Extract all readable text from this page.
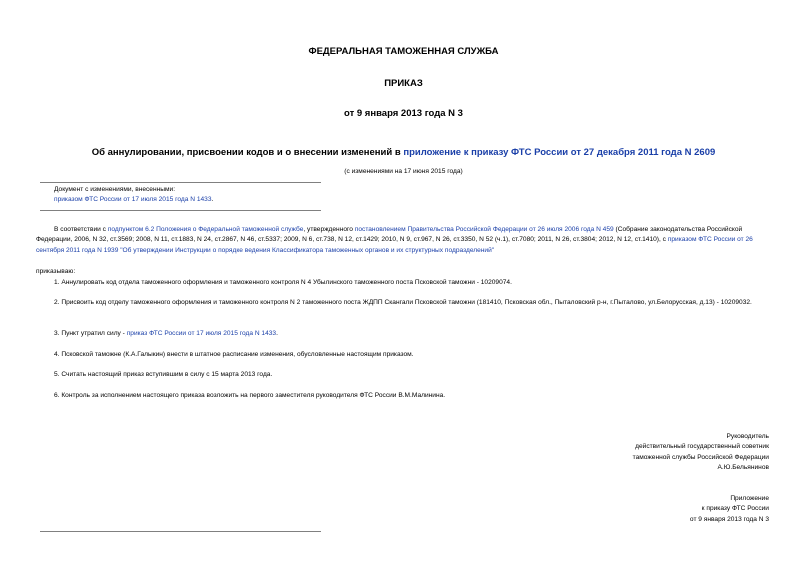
ФЕДЕРАЛЬНАЯ ТАМОЖЕННАЯ СЛУЖБА
ПРИКАЗ
от 9 января 2013 года N 3
Об аннулировании, присвоении кодов и о внесении изменений в приложение к приказу ФТС России от 27 декабря 2011 года N 2609
(с изменениями на 17 июня 2015 года)
Документ с изменениями, внесенными:
приказом ФТС России от 17 июля 2015 года N 1433.
В соответствии с подпунктом 6.2 Положения о Федеральной таможенной службе, утвержденного постановлением Правительства Российской Федерации от 26 июля 2006 года N 459 (Собрание законодательства Российской Федерации, 2006, N 32, ст.3569; 2008, N 11, ст.1883, N 24, ст.2867, N 46, ст.5337; 2009, N 6, ст.738, N 12, ст.1429; 2010, N 9, ст.967, N 26, ст.3350, N 52 (ч.1), ст.7080; 2011, N 26, ст.3804; 2012, N 12, ст.1410), с приказом ФТС России от 26 сентября 2011 года N 1939 "Об утверждении Инструкции о порядке ведения Классификатора таможенных органов и их структурных подразделений"
приказываю:
1. Аннулировать код отдела таможенного оформления и таможенного контроля N 4 Убылинского таможенного поста Псковской таможни - 10209074.
2. Присвоить код отделу таможенного оформления и таможенного контроля N 2 таможенного поста ЖДПП Скангали Псковской таможни (181410, Псковская обл., Пыталовский р-н, г.Пыталово, ул.Белорусская, д.13) - 10209032.
3. Пункт утратил силу - приказ ФТС России от 17 июля 2015 года N 1433.
4. Псковской таможне (К.А.Галыкин) внести в штатное расписание изменения, обусловленные настоящим приказом.
5. Считать настоящий приказ вступившим в силу с 15 марта 2013 года.
6. Контроль за исполнением настоящего приказа возложить на первого заместителя руководителя ФТС России В.М.Малинина.
Руководитель
действительный государственный советник
таможенной службы Российской Федерации
А.Ю.Бельянинов
Приложение
к приказу ФТС России
от 9 января 2013 года N 3
